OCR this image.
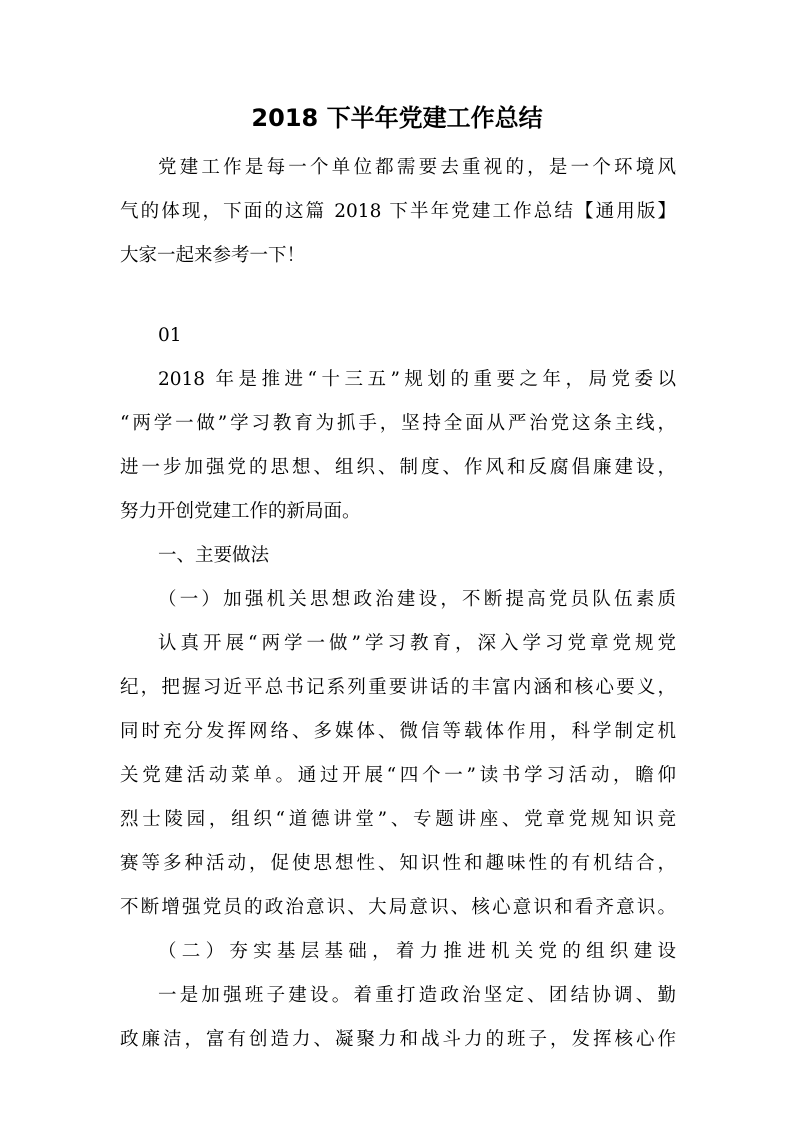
2018 下半年党建工作总结
党建工作是每一个单位都需要去重视的，是一个环境风
气的体现，下面的这篇 2018 下半年党建工作总结【通用版】
大家一起来参考一下！
01
2018 年是推进“十三五”规划的重要之年，局党委以
“两学一做”学习教育为抓手，坚持全面从严治党这条主线，
进一步加强党的思想、组织、制度、作风和反腐倡廉建设，
努力开创党建工作的新局面。
一、主要做法
（一）加强机关思想政治建设，不断提高党员队伍素质
认真开展“两学一做”学习教育，深入学习党章党规党
纪，把握习近平总书记系列重要讲话的丰富内涵和核心要义，
同时充分发挥网络、多媒体、微信等载体作用，科学制定机
关党建活动菜单。通过开展“四个一”读书学习活动，瞻仰
烈士陵园，组织“道德讲堂”、专题讲座、党章党规知识竞
赛等多种活动，促使思想性、知识性和趣味性的有机结合，
不断增强党员的政治意识、大局意识、核心意识和看齐意识。
（二）夯实基层基础，着力推进机关党的组织建设
一是加强班子建设。着重打造政治坚定、团结协调、勤
政廉洁，富有创造力、凝聚力和战斗力的班子，发挥核心作
